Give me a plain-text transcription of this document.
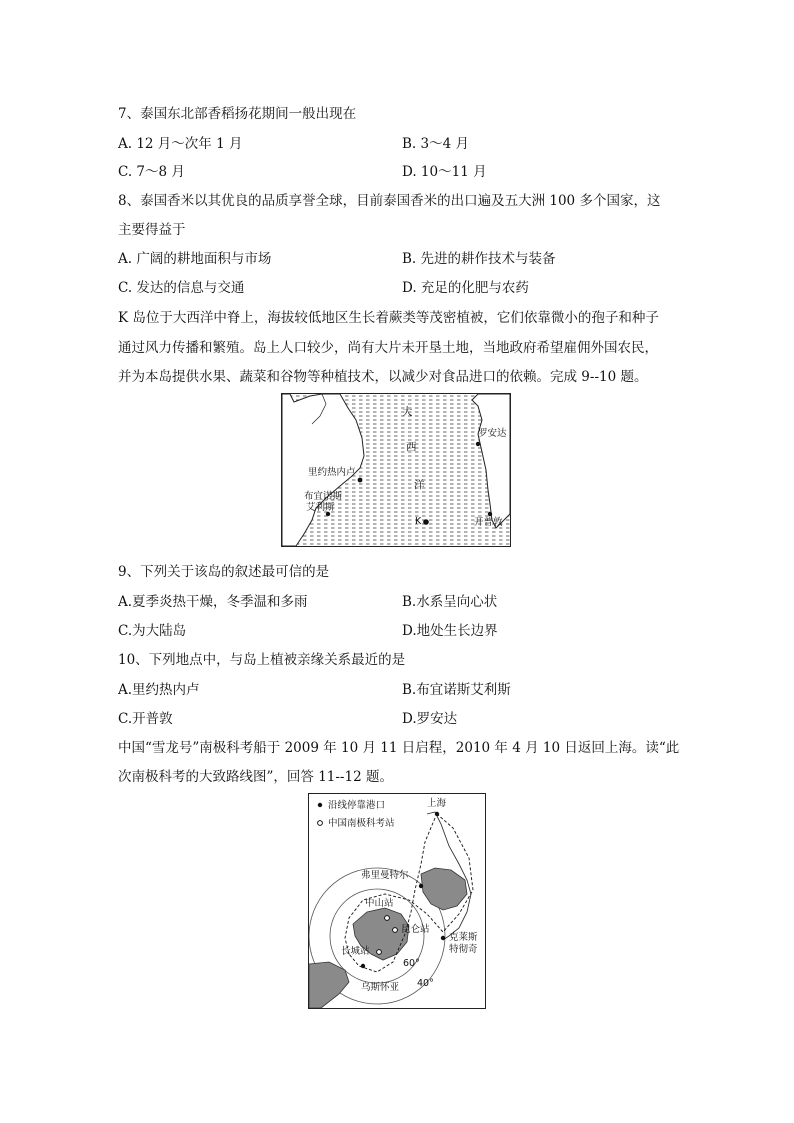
7、泰国东北部香稻扬花期间一般出现在
A. 12 月～次年 1 月	B. 3～4 月
C. 7～8 月	D. 10～11 月
8、泰国香米以其优良的品质享誉全球，目前泰国香米的出口遍及五大洲 100 多个国家，这
主要得益于
A. 广阔的耕地面积与市场	B. 先进的耕作技术与装备
C. 发达的信息与交通	D. 充足的化肥与农药
K 岛位于大西洋中脊上，海拔较低地区生长着蕨类等茂密植被，它们依靠微小的孢子和种子
通过风力传播和繁殖。岛上人口较少，尚有大片未开垦土地，当地政府希望雇佣外国农民，
并为本岛提供水果、蔬菜和谷物等种植技术，以减少对食品进口的依赖。完成 9--10 题。
大
西
洋
里约热内卢
布宜诺斯
艾利斯
K
罗安达
开普敦
9、下列关于该岛的叙述最可信的是
A.夏季炎热干燥，冬季温和多雨	B.水系呈向心状
C.为大陆岛	D.地处生长边界
10、下列地点中，与岛上植被亲缘关系最近的是
A.里约热内卢	B.布宜诺斯艾利斯
C.开普敦	D.罗安达
中国“雪龙号”南极科考船于 2009 年 10 月 11 日启程，2010 年 4 月 10 日返回上海。读“此
次南极科考的大致路线图”，回答 11--12 题。
沿线停靠港口
中国南极科考站
上海
弗里曼特尔
克莱斯
特彻奇
乌斯怀亚
中山站
昆仑站
长城站
60°
40°
